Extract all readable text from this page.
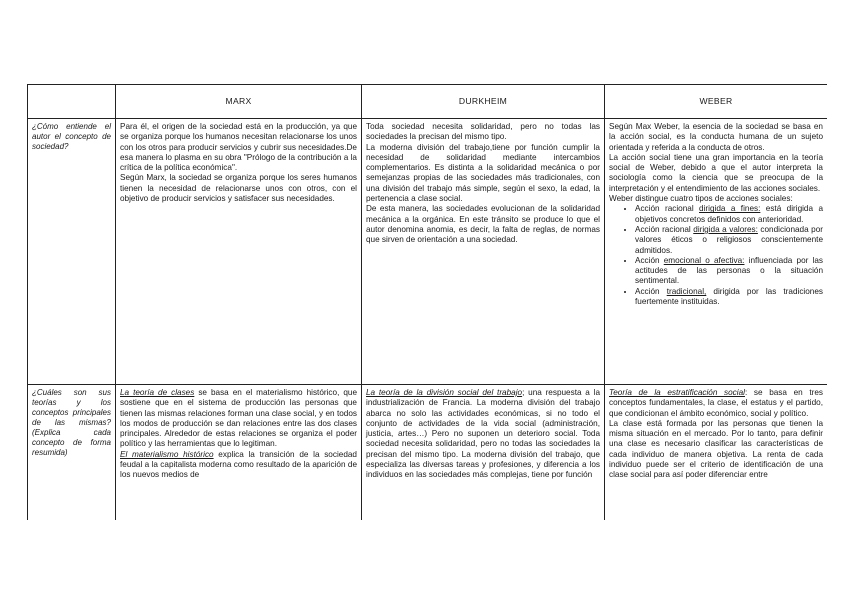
MARX	DURKHEIM	WEBER

¿Cómo entiende el autor el concepto de sociedad?

Para él, el origen de la sociedad está en la producción, ya que se organiza porque los humanos necesitan relacionarse los unos con los otros para producir servicios y cubrir sus necesidades.De esa manera lo plasma en su obra "Prólogo de la contribución a la crítica de la política económica".

Según Marx, la sociedad se organiza porque los seres humanos tienen la necesidad de relacionarse unos con otros, con el objetivo de producir servicios y satisfacer sus necesidades.

Toda sociedad necesita solidaridad, pero no todas las sociedades la precisan del mismo tipo.

La moderna división del trabajo,tiene por función cumplir la necesidad de solidaridad mediante intercambios complementarios. Es distinta a la solidaridad mecánica o por semejanzas propias de las sociedades más tradicionales, con una división del trabajo más simple, según el sexo, la edad, la pertenencia a clase social.

De esta manera, las sociedades evolucionan de la solidaridad mecánica a la orgánica. En este tránsito se produce lo que el autor denomina anomia, es decir, la falta de reglas, de normas que sirven de orientación a una sociedad.

Según Max Weber, la esencia de la sociedad se basa en la acción social, es la conducta humana de un sujeto orientada y referida a la conducta de otros.

La acción social tiene una gran importancia en la teoría social de Weber, debido a que el autor interpreta la sociología como la ciencia que se preocupa de la interpretación y el entendimiento de las acciones sociales.

Weber distingue cuatro tipos de acciones sociales:

• Acción racional dirigida a fines: está dirigida a objetivos concretos definidos con anterioridad.
• Acción racional dirigida a valores: condicionada por valores éticos o religiosos conscientemente admitidos.
• Acción emocional o afectiva: influenciada por las actitudes de las personas o la situación sentimental.
• Acción tradicional, dirigida por las tradiciones fuertemente instituidas.

¿Cuáles son sus teorías y los conceptos principales de las mismas? (Explica cada concepto de forma resumida)

La teoría de clases se basa en el materialismo histórico, que sostiene que en el sistema de producción las personas que tienen las mismas relaciones forman una clase social, y en todos los modos de producción se dan relaciones entre las dos clases principales. Alrededor de estas relaciones se organiza el poder político y las herramientas que lo legitiman.

El materialismo histórico explica la transición de la sociedad feudal a la capitalista moderna como resultado de la aparición de los nuevos medios de

La teoría de la división social del trabajo; una respuesta a la industrialización de Francia. La moderna división del trabajo abarca no solo las actividades económicas, si no todo el conjunto de actividades de la vida social (administración, justicia, artes…) Pero no suponen un deterioro social. Toda sociedad necesita solidaridad, pero no todas las sociedades la precisan del mismo tipo. La moderna división del trabajo, que especializa las diversas tareas y profesiones, y diferencia a los individuos en las sociedades más complejas, tiene por función

Teoría de la estratificación social: se basa en tres conceptos fundamentales, la clase, el estatus y el partido, que condicionan el ámbito económico, social y político.

La clase está formada por las personas que tienen la misma situación en el mercado. Por lo tanto, para definir una clase es necesario clasificar las características de cada individuo de manera objetiva. La renta de cada individuo puede ser el criterio de identificación de una clase social para así poder diferenciar entre
